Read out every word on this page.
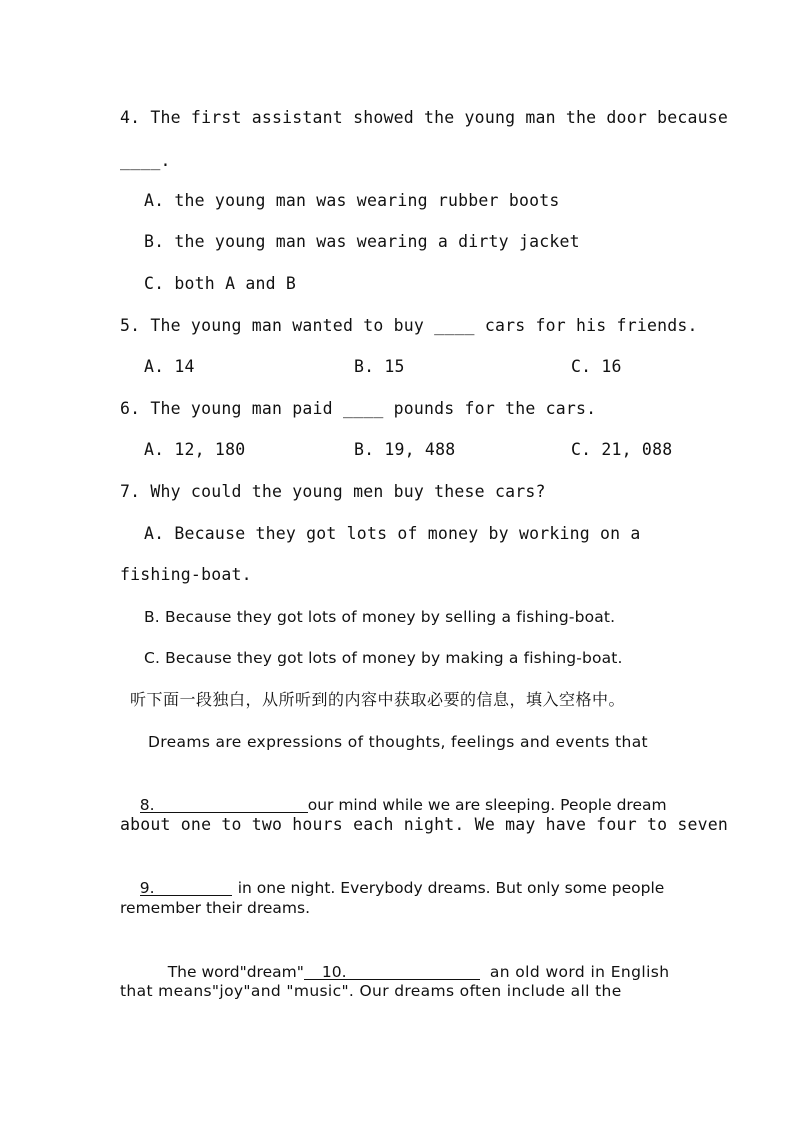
4. The first assistant showed the young man the door because
____.
A. the young man was wearing rubber boots
B. the young man was wearing a dirty jacket
C. both A and B
5. The young man wanted to buy ____ cars for his friends.
A. 14	B. 15	C. 16
6. The young man paid ____ pounds for the cars.
A. 12, 180	B. 19, 488	C. 21, 088
7. Why could the young men buy these cars?
A. Because they got lots of money by working on a
fishing-boat.
B. Because they got lots of money by selling a fishing-boat.
C. Because they got lots of money by making a fishing-boat.
听下面一段独白，从所听到的内容中获取必要的信息，填入空格中。
Dreams are expressions of thoughts, feelings and events that

8.	our mind while we are sleeping. People dream

about one to two hours each night. We may have four to seven

9.	in one night. Everybody dreams. But only some people

remember their dreams.

The word"dream" 10.	an old word in English

that means"joy"and "music". Our dreams often include all the
